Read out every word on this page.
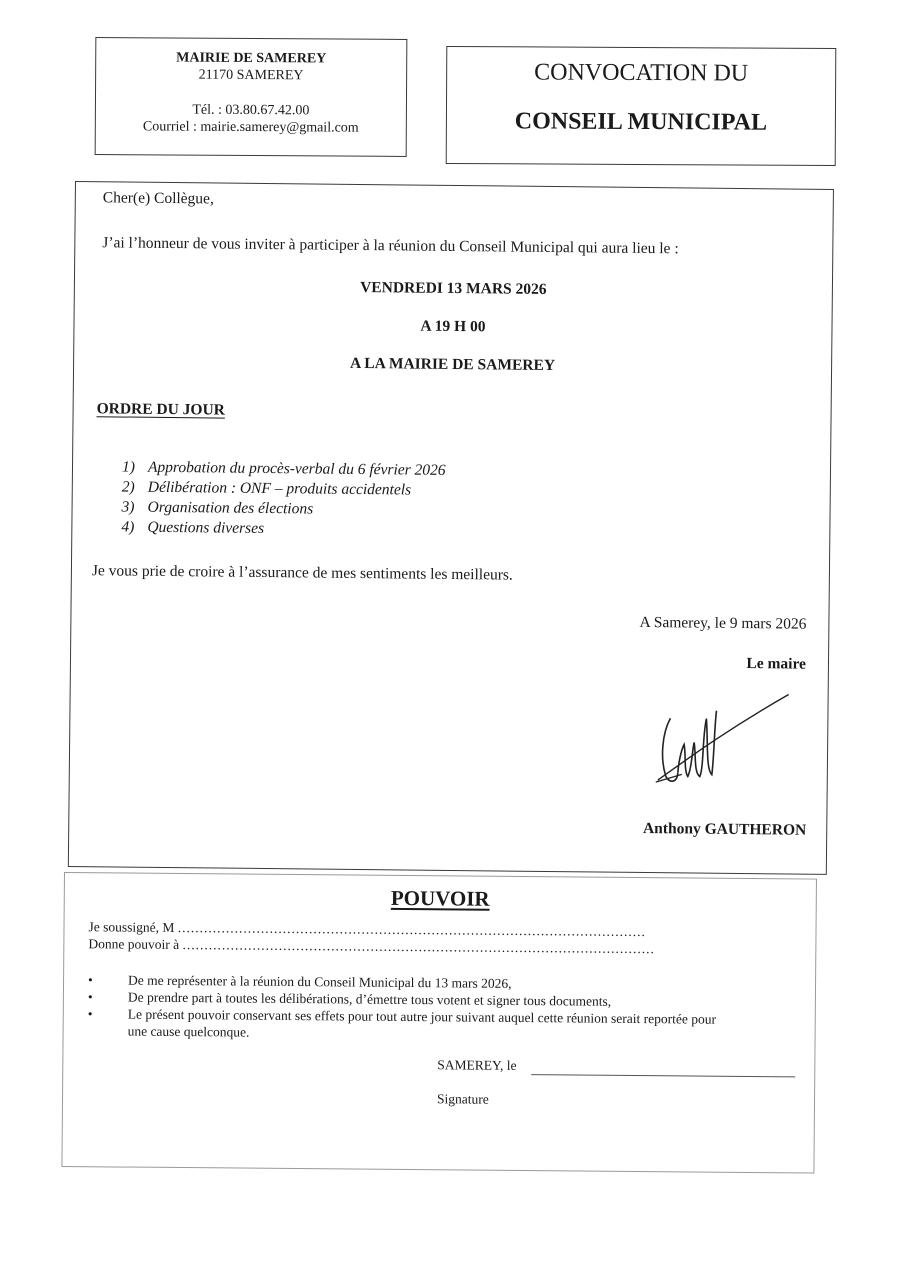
MAIRIE DE SAMEREY
21170 SAMEREY
Tél. : 03.80.67.42.00
Courriel : mairie.samerey@gmail.com
CONVOCATION DU
CONSEIL MUNICIPAL
Cher(e) Collègue,
J’ai l’honneur de vous inviter à participer à la réunion du Conseil Municipal qui aura lieu le :
VENDREDI 13 MARS 2026
A 19 H 00
A LA MAIRIE DE SAMEREY
ORDRE DU JOUR
1) Approbation du procès-verbal du 6 février 2026
2) Délibération : ONF – produits accidentels
3) Organisation des élections
4) Questions diverses
Je vous prie de croire à l’assurance de mes sentiments les meilleurs.
A Samerey, le 9 mars 2026
Le maire
Anthony GAUTHERON
POUVOIR
Je soussigné, M ...........................................................................................................
Donne pouvoir à ............................................................................................................
•	De me représenter à la réunion du Conseil Municipal du 13 mars 2026,
•	De prendre part à toutes les délibérations, d’émettre tous votent et signer tous documents,
•	Le présent pouvoir conservant ses effets pour tout autre jour suivant auquel cette réunion serait reportée pour
une cause quelconque.
SAMEREY, le
Signature
